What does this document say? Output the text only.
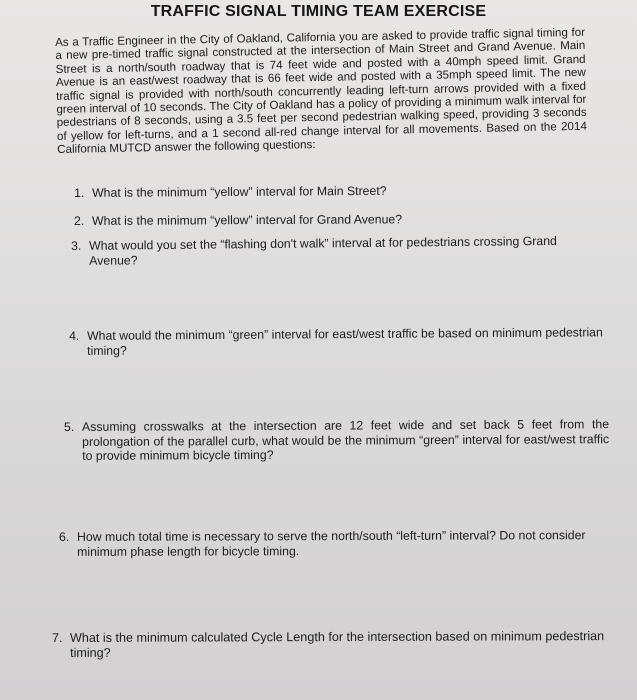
TRAFFIC SIGNAL TIMING TEAM EXERCISE

As a Traffic Engineer in the City of Oakland, California you are asked to provide traffic signal timing for a new pre-timed traffic signal constructed at the intersection of Main Street and Grand Avenue. Main Street is a north/south roadway that is 74 feet wide and posted with a 40mph speed limit. Grand Avenue is an east/west roadway that is 66 feet wide and posted with a 35mph speed limit. The new traffic signal is provided with north/south concurrently leading left-turn arrows provided with a fixed green interval of 10 seconds. The City of Oakland has a policy of providing a minimum walk interval for pedestrians of 8 seconds, using a 3.5 feet per second pedestrian walking speed, providing 3 seconds of yellow for left-turns, and a 1 second all-red change interval for all movements. Based on the 2014 California MUTCD answer the following questions:

1. What is the minimum “yellow” interval for Main Street?
2. What is the minimum “yellow” interval for Grand Avenue?
3. What would you set the “flashing don't walk” interval at for pedestrians crossing Grand Avenue?
4. What would the minimum “green” interval for east/west traffic be based on minimum pedestrian timing?
5. Assuming crosswalks at the intersection are 12 feet wide and set back 5 feet from the prolongation of the parallel curb, what would be the minimum “green” interval for east/west traffic to provide minimum bicycle timing?
6. How much total time is necessary to serve the north/south “left-turn” interval? Do not consider minimum phase length for bicycle timing.
7. What is the minimum calculated Cycle Length for the intersection based on minimum pedestrian timing?
